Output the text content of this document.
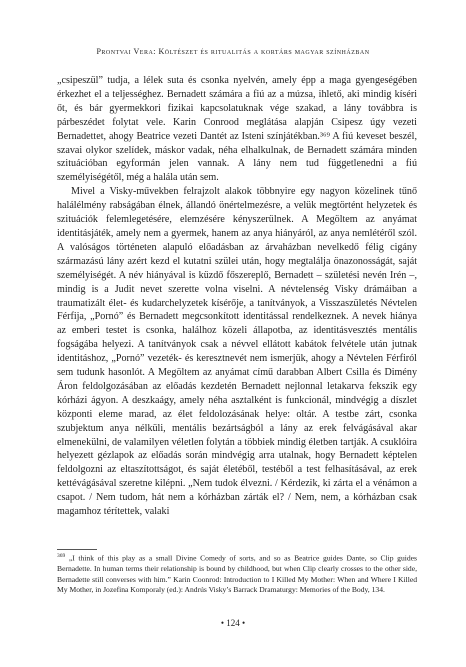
Prontvai Vera: Költészet és ritualitás a kortárs magyar színházban

„csipeszül” tudja, a lélek suta és csonka nyelvén, amely épp a maga gyengeségében érkezhet el a teljességhez. Bernadett számára a fiú az a múzsa, ihlető, aki mindig kíséri őt, és bár gyermekkori fizikai kapcsolatuknak vége szakad, a lány továbbra is párbeszédet folytat vele. Karin Conrood meglátása alapján Csipesz úgy vezeti Bernadettet, ahogy Beatrice vezeti Dantét az Isteni színjátékban.³⁶⁹ A fiú keveset beszél, szavai olykor szelídek, máskor vadak, néha elhalkulnak, de Bernadett számára minden szituációban egyformán jelen vannak. A lány nem tud függetlenedni a fiú személyiségétől, még a halála után sem.

Mivel a Visky-művekben felrajzolt alakok többnyire egy nagyon közelinek tűnő halálélmény rabságában élnek, állandó önértelmezésre, a velük megtörtént helyzetek és szituációk felemlegetésére, elemzésére kényszerülnek. A Megöltem az anyámat identitásjáték, amely nem a gyermek, hanem az anya hiányáról, az anya nemlétéről szól. A valóságos történeten alapuló előadásban az árvaházban nevelkedő félig cigány származású lány azért kezd el kutatni szülei után, hogy megtalálja önazonosságát, saját személyiségét. A név hiányával is küzdő főszereplő, Bernadett – születési nevén Irén –, mindig is a Judit nevet szerette volna viselni. A névtelenség Visky drámáiban a traumatizált élet- és kudarchelyzetek kísérője, a tanítványok, a Visszaszületés Névtelen Férfija, „Pornó” és Bernadett megcsonkított identitással rendelkeznek. A nevek hiánya az emberi testet is csonka, halálhoz közeli állapotba, az identitásvesztés mentális fogságába helyezi. A tanítványok csak a névvel ellátott kabátok felvétele után jutnak identitáshoz, „Pornó” vezeték- és keresztnevét nem ismerjük, ahogy a Névtelen Férfiról sem tudunk hasonlót. A Megöltem az anyámat című darabban Albert Csilla és Dimény Áron feldolgozásában az előadás kezdetén Bernadett nejlonnal letakarva fekszik egy kórházi ágyon. A deszkaágy, amely néha asztalként is funkcionál, mindvégig a díszlet központi eleme marad, az élet feldolozásának helye: oltár. A testbe zárt, csonka szubjektum anya nélküli, mentális bezártságból a lány az erek felvágásával akar elmenekülni, de valamilyen véletlen folytán a többiek mindig életben tartják. A csuklóira helyezett gézlapok az előadás során mindvégig arra utalnak, hogy Bernadett képtelen feldolgozni az eltaszítottságot, és saját életéből, testéből a test felhasításával, az erek kettévágásával szeretne kilépni. „Nem tudok élvezni. / Kérdezik, ki zárta el a vénámon a csapot. / Nem tudom, hát nem a kórházban zárták el? / Nem, nem, a kórházban csak magamhoz térítettek, valaki

$^{369}$ „I think of this play as a small Divine Comedy of sorts, and so as Beatrice guides Dante, so Clip guides Bernadette. In human terms their relationship is bound by childhood, but when Clip clearly crosses to the other side, Bernadette still converses with him.” Karin Coonrod: Introduction to I Killed My Mother: When and Where I Killed My Mother, in Jozefina Komporaly (ed.): Andrús Visky’s Barrack Dramaturgy: Memories of the Body, 134.
• 124 •
